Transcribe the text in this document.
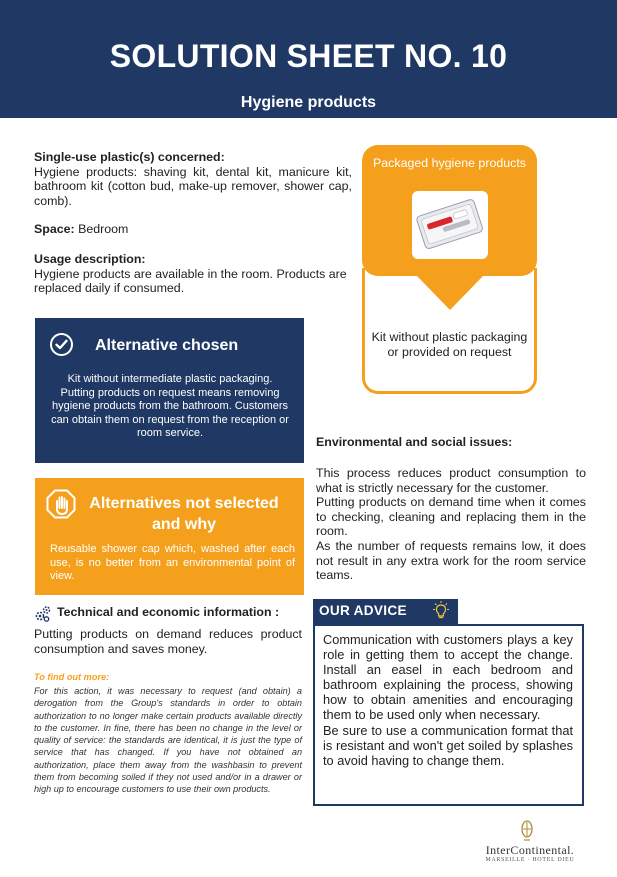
SOLUTION SHEET NO. 10
Hygiene products
Single-use plastic(s) concerned:
Hygiene products: shaving kit, dental kit, manicure kit, bathroom kit (cotton bud, make-up remover, shower cap, comb).
Space: Bedroom
Usage description:
Hygiene products are available in the room. Products are replaced daily if consumed.
Packaged hygiene products
Kit without plastic packaging or provided on request
Alternative chosen
Kit without intermediate plastic packaging. Putting products on request means removing hygiene products from the bathroom. Customers can obtain them on request from the reception or room service.
Alternatives not selected and why
Reusable shower cap which, washed after each use, is no better from an environmental point of view.
Technical and economic information :
Putting products on demand reduces product consumption and saves money.
To find out more:
For this action, it was necessary to request (and obtain) a derogation from the Group's standards in order to obtain authorization to no longer make certain products available directly to the customer. In fine, there has been no change in the level or quality of service: the standards are identical, it is just the type of service that has changed. If you have not obtained an authorization, place them away from the washbasin to prevent them from becoming soiled if they not used and/or in a drawer or high up to encourage customers to use their own products.
Environmental and social issues:
This process reduces product consumption to what is strictly necessary for the customer.
Putting products on demand time when it comes to checking, cleaning and replacing them in the room.
As the number of requests remains low, it does not result in any extra work for the room service teams.
OUR ADVICE
Communication with customers plays a key role in getting them to accept the change. Install an easel in each bedroom and bathroom explaining the process, showing how to obtain amenities and encouraging them to be used only when necessary.
Be sure to use a communication format that is resistant and won't get soiled by splashes to avoid having to change them.
InterContinental.
MARSEILLE · HOTEL DIEU
